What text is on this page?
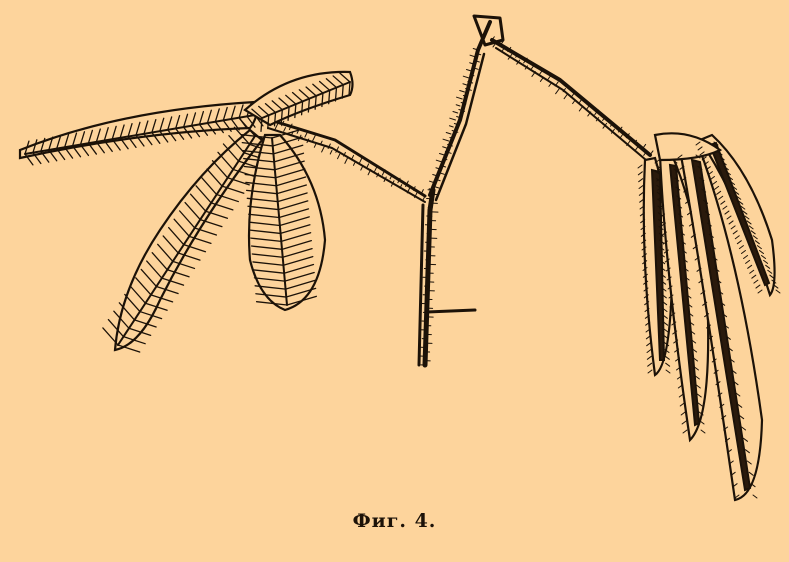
Фиг. 4.
